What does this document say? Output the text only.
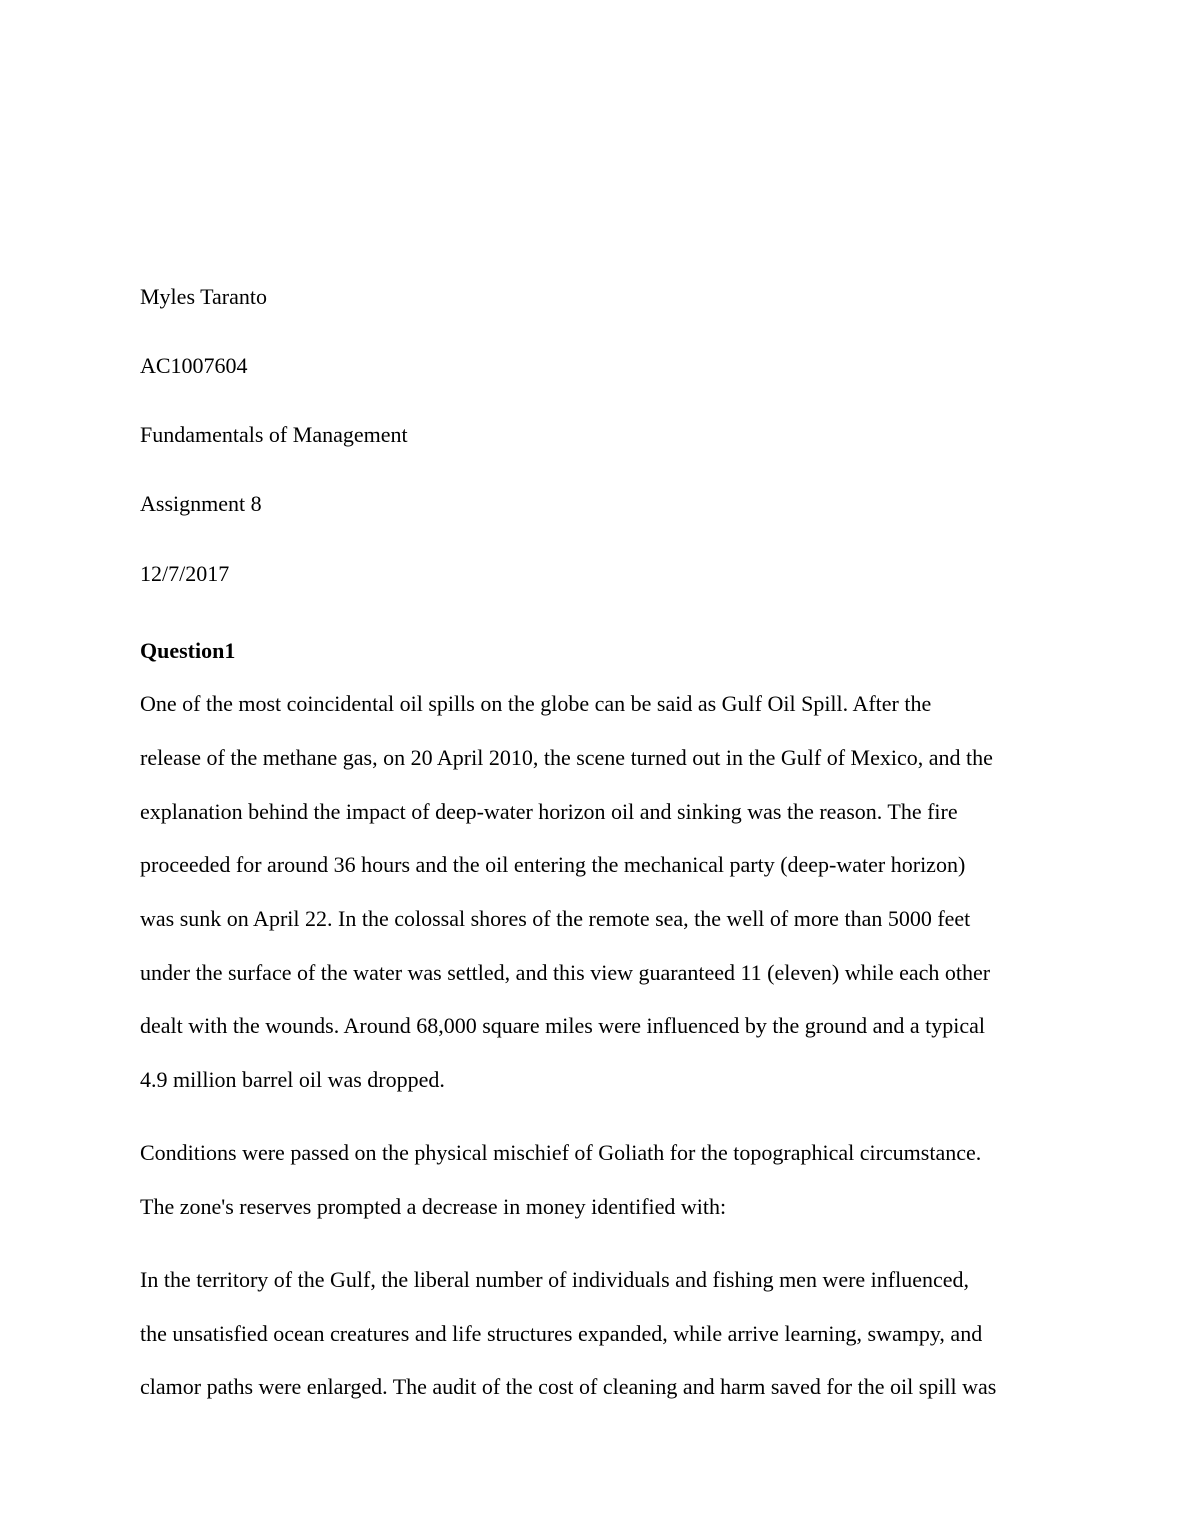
Myles Taranto
AC1007604
Fundamentals of Management
Assignment 8
12/7/2017
Question1
One of the most coincidental oil spills on the globe can be said as Gulf Oil Spill. After the
release of the methane gas, on 20 April 2010, the scene turned out in the Gulf of Mexico, and the
explanation behind the impact of deep-water horizon oil and sinking was the reason. The fire
proceeded for around 36 hours and the oil entering the mechanical party (deep-water horizon)
was sunk on April 22. In the colossal shores of the remote sea, the well of more than 5000 feet
under the surface of the water was settled, and this view guaranteed 11 (eleven) while each other
dealt with the wounds. Around 68,000 square miles were influenced by the ground and a typical
4.9 million barrel oil was dropped.
Conditions were passed on the physical mischief of Goliath for the topographical circumstance.
The zone's reserves prompted a decrease in money identified with:
In the territory of the Gulf, the liberal number of individuals and fishing men were influenced,
the unsatisfied ocean creatures and life structures expanded, while arrive learning, swampy, and
clamor paths were enlarged. The audit of the cost of cleaning and harm saved for the oil spill was
